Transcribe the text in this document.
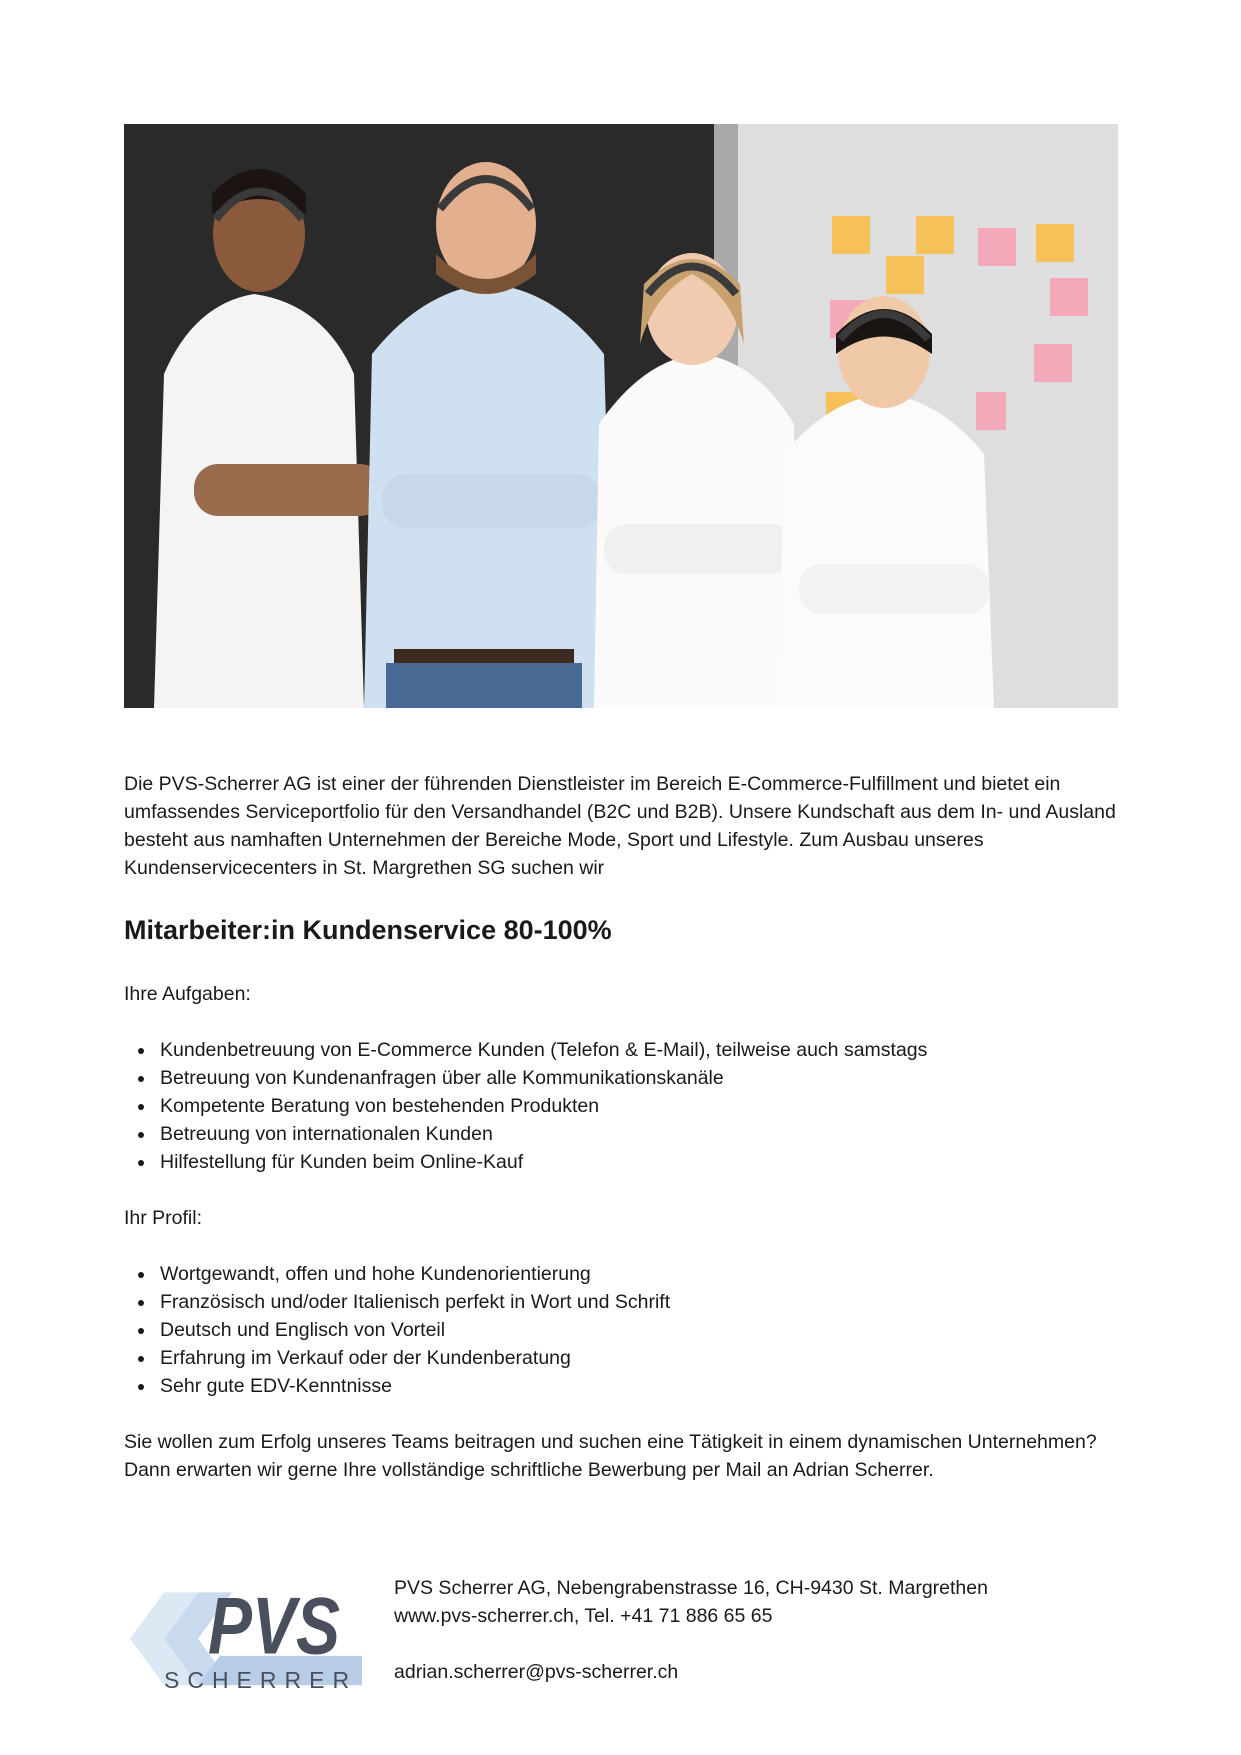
Die PVS-Scherrer AG ist einer der führenden Dienstleister im Bereich E-Commerce-Fulfillment und bietet ein umfassendes Serviceportfolio für den Versandhandel (B2C und B2B). Unsere Kundschaft aus dem In- und Ausland besteht aus namhaften Unternehmen der Bereiche Mode, Sport und Lifestyle. Zum Ausbau unseres Kundenservicecenters in St. Margrethen SG suchen wir
Mitarbeiter:in Kundenservice 80-100%
Ihre Aufgaben:
Kundenbetreuung von E-Commerce Kunden (Telefon & E-Mail), teilweise auch samstags
Betreuung von Kundenanfragen über alle Kommunikationskanäle
Kompetente Beratung von bestehenden Produkten
Betreuung von internationalen Kunden
Hilfestellung für Kunden beim Online-Kauf
Ihr Profil:
Wortgewandt, offen und hohe Kundenorientierung
Französisch und/oder Italienisch perfekt in Wort und Schrift
Deutsch und Englisch von Vorteil
Erfahrung im Verkauf oder der Kundenberatung
Sehr gute EDV-Kenntnisse
Sie wollen zum Erfolg unseres Teams beitragen und suchen eine Tätigkeit in einem dynamischen Unternehmen? Dann erwarten wir gerne Ihre vollständige schriftliche Bewerbung per Mail an Adrian Scherrer.
PVS
SCHERRER
PVS Scherrer AG, Nebengrabenstrasse 16, CH-9430 St. Margrethen
www.pvs-scherrer.ch, Tel. +41 71 886 65 65
adrian.scherrer@pvs-scherrer.ch
